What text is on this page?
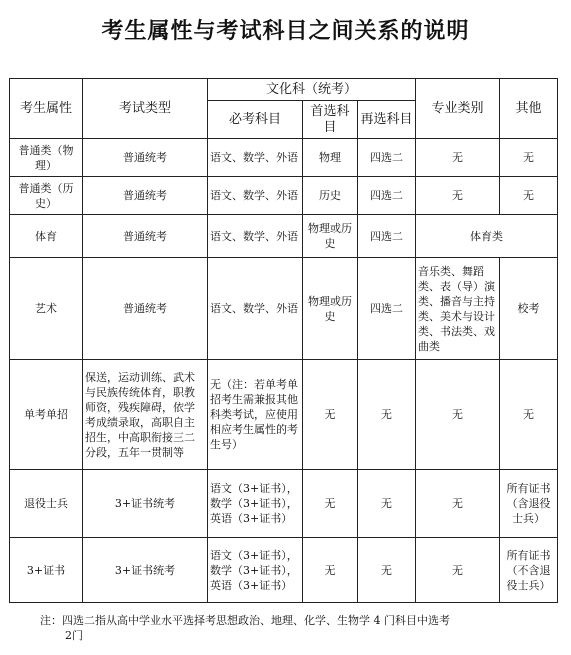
考生属性与考试科目之间关系的说明
考生属性	考试类型	文化科（统考）			专业类别	其他
		必考科目	首选科目	再选科目		
普通类（物理）	普通统考	语文、数学、外语	物理	四选二	无	无
普通类（历史）	普通统考	语文、数学、外语	历史	四选二	无	无
体育	普通统考	语文、数学、外语	物理或历史	四选二	体育类	
艺术	普通统考	语文、数学、外语	物理或历史	四选二	音乐类、舞蹈类、表（导）演类、播音与主持类、美术与设计类、书法类、戏曲类	校考
单考单招	保送，运动训练、武术与民族传统体育，职教师资，残疾障碍，依学考成绩录取，高职自主招生，中高职衔接三二分段，五年一贯制等	无（注：若单考单招考生需兼报其他科类考试，应使用相应考生属性的考生号）	无	无	无	无
退役士兵	3+证书统考	语文（3+证书），数学（3+证书），英语（3+证书）	无	无	无	所有证书（含退役士兵）
3+证书	3+证书统考	语文（3+证书），数学（3+证书），英语（3+证书）	无	无	无	所有证书（不含退役士兵）
注：四选二指从高中学业水平选择考思想政治、地理、化学、生物学 4 门科目中选考
2门
